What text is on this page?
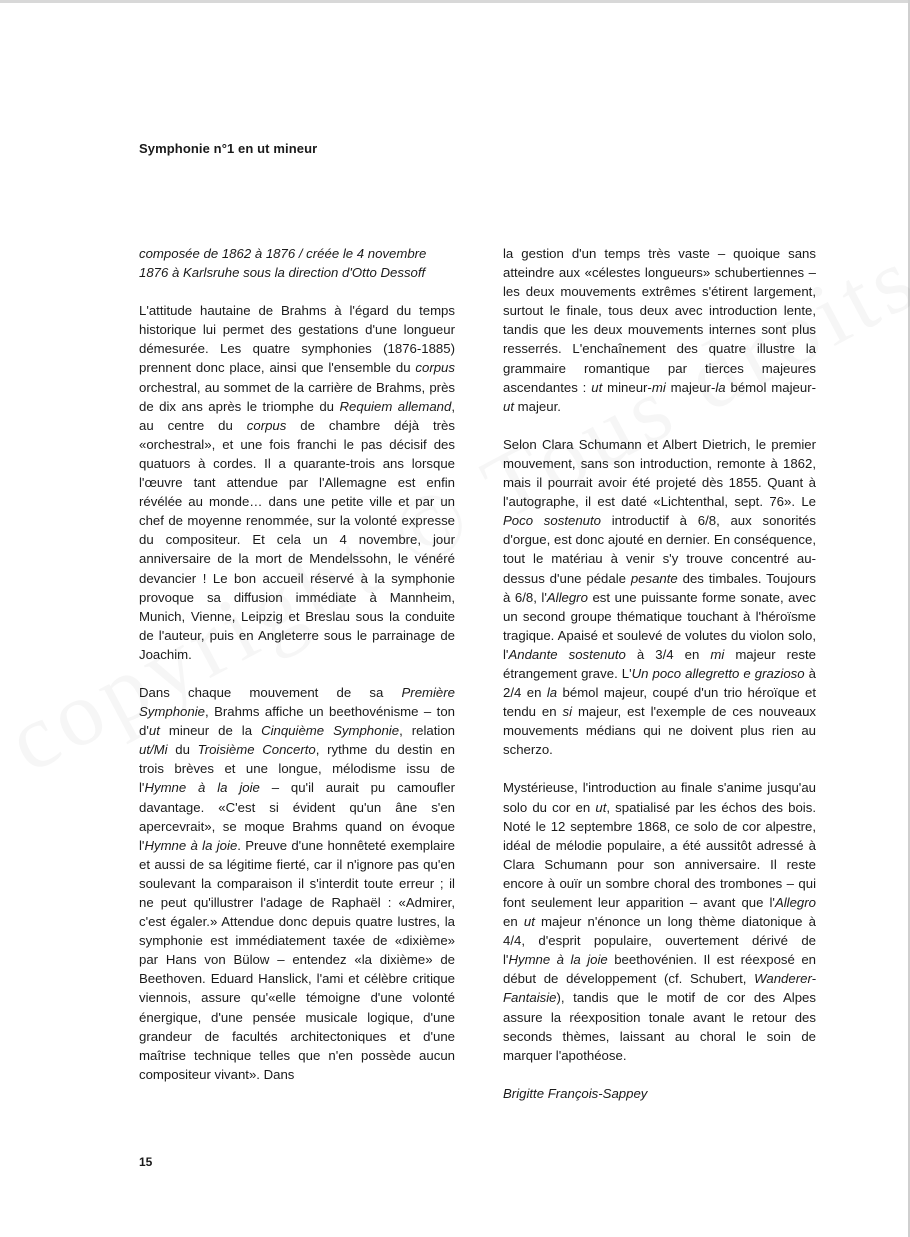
Symphonie n°1 en ut mineur

composée de 1862 à 1876 / créée le 4 novembre 1876 à Karlsruhe sous la direction d'Otto Dessoff

L'attitude hautaine de Brahms à l'égard du temps historique lui permet des gestations d'une longueur démesurée. Les quatre symphonies (1876-1885) prennent donc place, ainsi que l'ensemble du corpus orchestral, au sommet de la carrière de Brahms, près de dix ans après le triomphe du Requiem allemand, au centre du corpus de chambre déjà très «orchestral», et une fois franchi le pas décisif des quatuors à cordes. Il a quarante-trois ans lorsque l'œuvre tant attendue par l'Allemagne est enfin révélée au monde… dans une petite ville et par un chef de moyenne renommée, sur la volonté expresse du compositeur. Et cela un 4 novembre, jour anniversaire de la mort de Mendelssohn, le vénéré devancier ! Le bon accueil réservé à la symphonie provoque sa diffusion immédiate à Mannheim, Munich, Vienne, Leipzig et Breslau sous la conduite de l'auteur, puis en Angleterre sous le parrainage de Joachim.

Dans chaque mouvement de sa Première Symphonie, Brahms affiche un beethovénisme – ton d'ut mineur de la Cinquième Symphonie, relation ut/Mi du Troisième Concerto, rythme du destin en trois brèves et une longue, mélodisme issu de l'Hymne à la joie – qu'il aurait pu camoufler davantage. «C'est si évident qu'un âne s'en apercevrait», se moque Brahms quand on évoque l'Hymne à la joie. Preuve d'une honnêteté exemplaire et aussi de sa légitime fierté, car il n'ignore pas qu'en soulevant la comparaison il s'interdit toute erreur ; il ne peut qu'illustrer l'adage de Raphaël : «Admirer, c'est égaler.» Attendue donc depuis quatre lustres, la symphonie est immédiatement taxée de «dixième» par Hans von Bülow – entendez «la dixième» de Beethoven. Eduard Hanslick, l'ami et célèbre critique viennois, assure qu'«elle témoigne d'une volonté énergique, d'une pensée musicale logique, d'une grandeur de facultés architectoniques et d'une maîtrise technique telles que n'en possède aucun compositeur vivant». Dans

la gestion d'un temps très vaste – quoique sans atteindre aux «célestes longueurs» schubertiennes – les deux mouvements extrêmes s'étirent largement, surtout le finale, tous deux avec introduction lente, tandis que les deux mouvements internes sont plus resserrés. L'enchaînement des quatre illustre la grammaire romantique par tierces majeures ascendantes : ut mineur-mi majeur-la bémol majeur-ut majeur.

Selon Clara Schumann et Albert Dietrich, le premier mouvement, sans son introduction, remonte à 1862, mais il pourrait avoir été projeté dès 1855. Quant à l'autographe, il est daté «Lichtenthal, sept. 76». Le Poco sostenuto introductif à 6/8, aux sonorités d'orgue, est donc ajouté en dernier. En conséquence, tout le matériau à venir s'y trouve concentré au-dessus d'une pédale pesante des timbales. Toujours à 6/8, l'Allegro est une puissante forme sonate, avec un second groupe thématique touchant à l'héroïsme tragique. Apaisé et soulevé de volutes du violon solo, l'Andante sostenuto à 3/4 en mi majeur reste étrangement grave. L'Un poco allegretto e grazioso à 2/4 en la bémol majeur, coupé d'un trio héroïque et tendu en si majeur, est l'exemple de ces nouveaux mouvements médians qui ne doivent plus rien au scherzo.

Mystérieuse, l'introduction au finale s'anime jusqu'au solo du cor en ut, spatialisé par les échos des bois. Noté le 12 septembre 1868, ce solo de cor alpestre, idéal de mélodie populaire, a été aussitôt adressé à Clara Schumann pour son anniversaire. Il reste encore à ouïr un sombre choral des trombones – qui font seulement leur apparition – avant que l'Allegro en ut majeur n'énonce un long thème diatonique à 4/4, d'esprit populaire, ouvertement dérivé de l'Hymne à la joie beethovénien. Il est réexposé en début de développement (cf. Schubert, Wanderer-Fantaisie), tandis que le motif de cor des Alpes assure la réexposition tonale avant le retour des seconds thèmes, laissant au choral le soin de marquer l'apothéose.

Brigitte François-Sappey

15
